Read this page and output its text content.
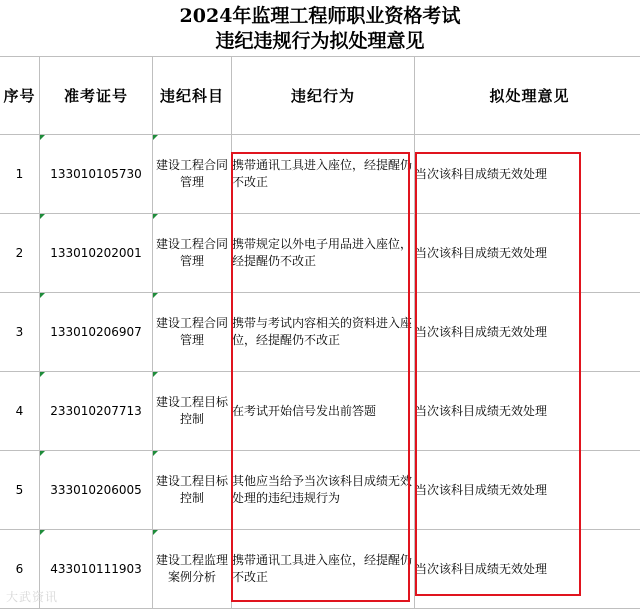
2024年监理工程师职业资格考试
违纪违规行为拟处理意见
序号	准考证号	违纪科目	违纪行为	拟处理意见
1	133010105730	建设工程合同管理	携带通讯工具进入座位，经提醒仍不改正	当次该科目成绩无效处理
2	133010202001	建设工程合同管理	携带规定以外电子用品进入座位，经提醒仍不改正	当次该科目成绩无效处理
3	133010206907	建设工程合同管理	携带与考试内容相关的资料进入座位，经提醒仍不改正	当次该科目成绩无效处理
4	233010207713	建设工程目标控制	在考试开始信号发出前答题	当次该科目成绩无效处理
5	333010206005	建设工程目标控制	其他应当给予当次该科目成绩无效处理的违纪违规行为	当次该科目成绩无效处理
6	433010111903	建设工程监理案例分析	携带通讯工具进入座位，经提醒仍不改正	当次该科目成绩无效处理
大武资讯
